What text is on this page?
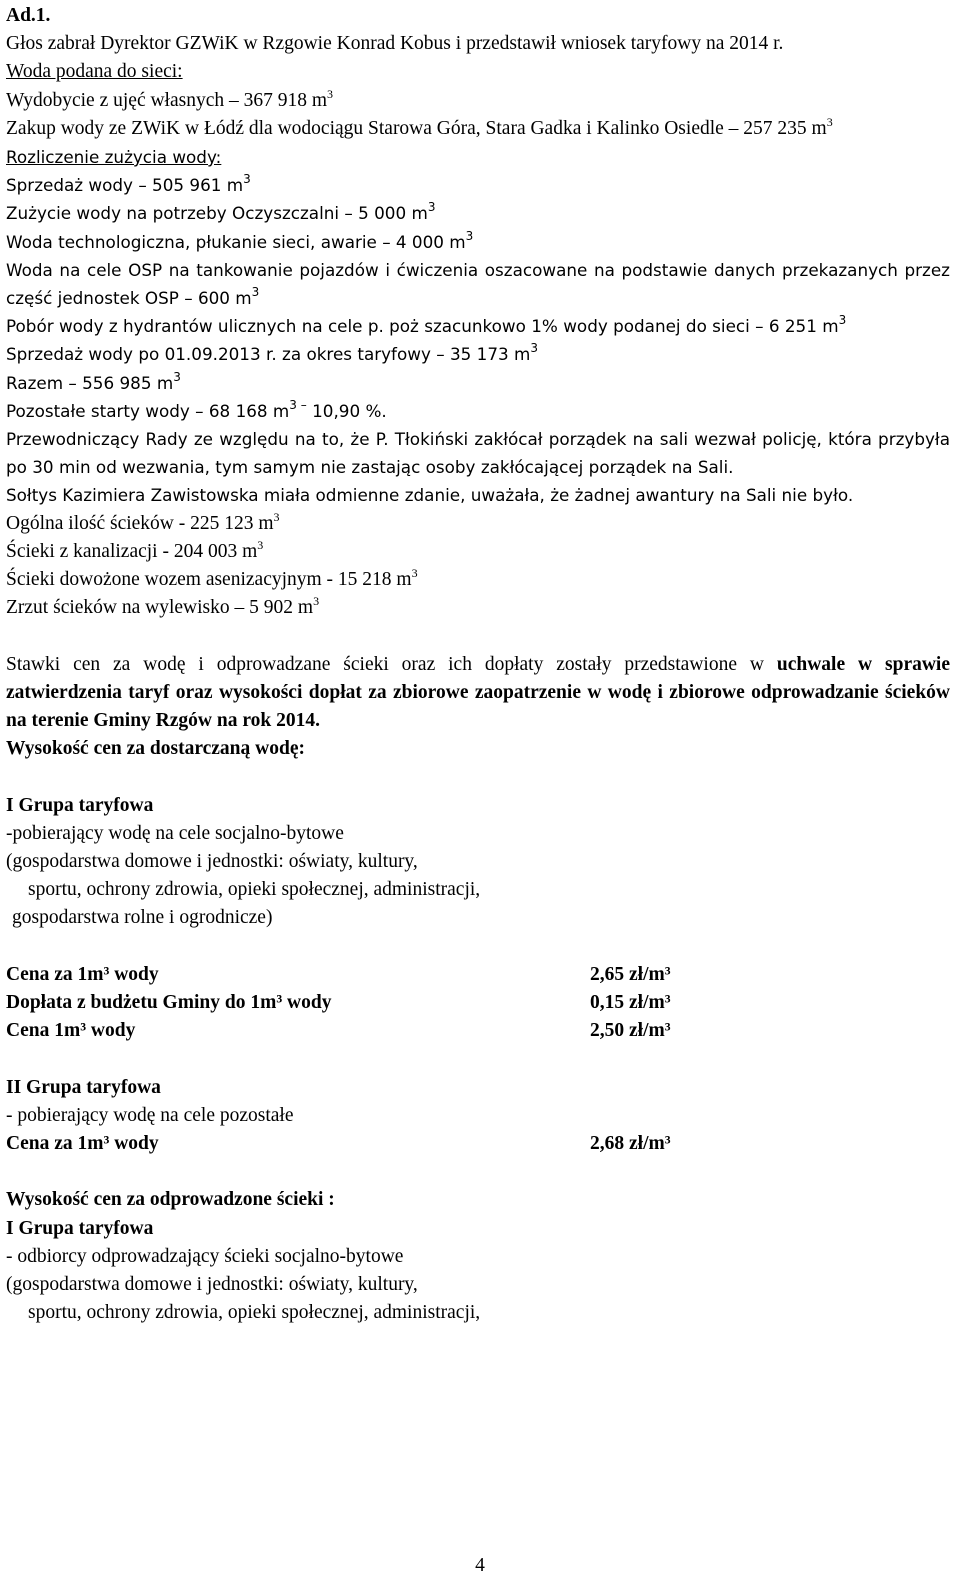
Ad.1.
Głos zabrał Dyrektor GZWiK w Rzgowie Konrad Kobus i przedstawił wniosek taryfowy na 2014 r.
Woda podana do sieci:
Wydobycie z ujęć własnych – 367 918 $m^3$
Zakup wody ze ZWiK w Łódź dla wodociągu Starowa Góra, Stara Gadka i Kalinko Osiedle – 257 235 $m^3$
Rozliczenie zużycia wody:
Sprzedaż wody – 505 961 $m^3$
Zużycie wody na potrzeby Oczyszczalni – 5 000 $m^3$
Woda technologiczna, płukanie sieci, awarie – 4 000 $m^3$
Woda na cele OSP na tankowanie pojazdów i ćwiczenia oszacowane na podstawie danych przekazanych przez część jednostek OSP – 600 $m^3$
Pobór wody z hydrantów ulicznych na cele p. poż szacunkowo 1% wody podanej do sieci – 6 251 $m^3$
Sprzedaż wody po 01.09.2013 r. za okres taryfowy – 35 173 $m^3$
Razem – 556 985 $m^3$
Pozostałe starty wody – 68 168 $m^{3 -}$ 10,90 %.
Przewodniczący Rady ze względu na to, że P. Tłokiński zakłócał porządek na sali wezwał policję, która przybyła po 30 min od wezwania, tym samym nie zastając osoby zakłócającej porządek na Sali.
Sołtys Kazimiera Zawistowska miała odmienne zdanie, uważała, że żadnej awantury na Sali nie było.
Ogólna ilość ścieków - 225 123 $m^3$
Ścieki z kanalizacji - 204 003 $m^3$
Ścieki dowożone wozem asenizacyjnym - 15 218 $m^3$
Zrzut ścieków na wylewisko – 5 902 $m^3$
Stawki cen za wodę i odprowadzane ścieki oraz ich dopłaty zostały przedstawione w uchwale w sprawie zatwierdzenia taryf oraz wysokości dopłat za zbiorowe zaopatrzenie w wodę i zbiorowe odprowadzanie ścieków na terenie Gminy Rzgów na rok 2014.
Wysokość cen za dostarczaną wodę:
I Grupa taryfowa
-pobierający wodę na cele socjalno-bytowe
(gospodarstwa domowe i jednostki: oświaty, kultury,
sportu, ochrony zdrowia, opieki społecznej, administracji,
gospodarstwa rolne i ogrodnicze)
Cena za 1m³ wody	2,65 zł/m³
Dopłata z budżetu Gminy do 1m³ wody	0,15 zł/m³
Cena 1m³ wody	2,50 zł/m³
II Grupa taryfowa
- pobierający wodę na cele pozostałe
Cena za 1m³ wody	2,68 zł/m³
Wysokość cen za odprowadzone ścieki :
I Grupa taryfowa
- odbiorcy odprowadzający ścieki socjalno-bytowe
(gospodarstwa domowe i jednostki: oświaty, kultury,
sportu, ochrony zdrowia, opieki społecznej, administracji,
4
